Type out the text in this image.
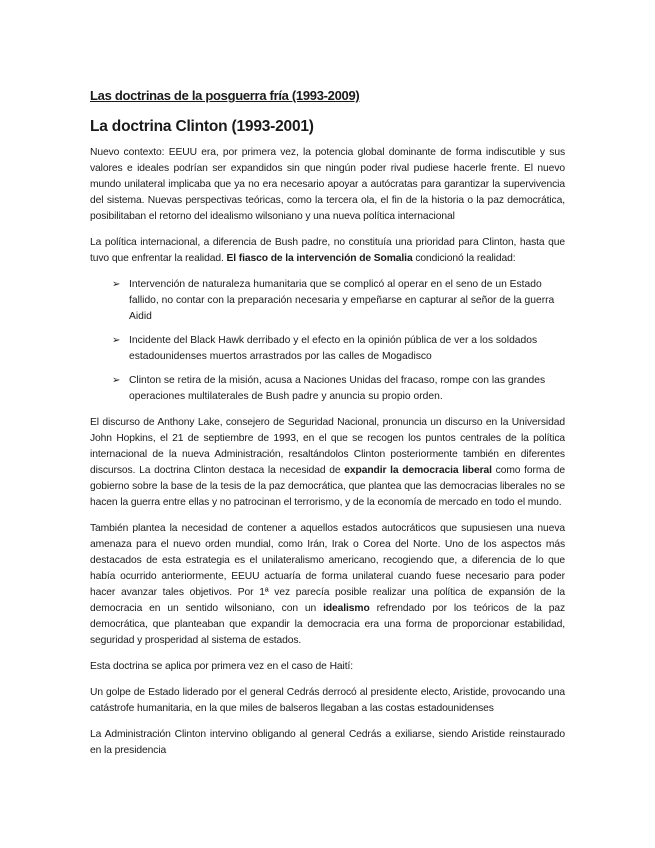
Las doctrinas de la posguerra fría (1993-2009)
La doctrina Clinton (1993-2001)

Nuevo contexto: EEUU era, por primera vez, la potencia global dominante de forma indiscutible y sus valores e ideales podrían ser expandidos sin que ningún poder rival pudiese hacerle frente. El nuevo mundo unilateral implicaba que ya no era necesario apoyar a autócratas para garantizar la supervivencia del sistema. Nuevas perspectivas teóricas, como la tercera ola, el fin de la historia o la paz democrática, posibilitaban el retorno del idealismo wilsoniano y una nueva política internacional

La política internacional, a diferencia de Bush padre, no constituía una prioridad para Clinton, hasta que tuvo que enfrentar la realidad. El fiasco de la intervención de Somalia condicionó la realidad:

➢ Intervención de naturaleza humanitaria que se complicó al operar en el seno de un Estado fallido, no contar con la preparación necesaria y empeñarse en capturar al señor de la guerra Aidid
➢ Incidente del Black Hawk derribado y el efecto en la opinión pública de ver a los soldados estadounidenses muertos arrastrados por las calles de Mogadisco
➢ Clinton se retira de la misión, acusa a Naciones Unidas del fracaso, rompe con las grandes operaciones multilaterales de Bush padre y anuncia su propio orden.

El discurso de Anthony Lake, consejero de Seguridad Nacional, pronuncia un discurso en la Universidad John Hopkins, el 21 de septiembre de 1993, en el que se recogen los puntos centrales de la política internacional de la nueva Administración, resaltándolos Clinton posteriormente también en diferentes discursos. La doctrina Clinton destaca la necesidad de expandir la democracia liberal como forma de gobierno sobre la base de la tesis de la paz democrática, que plantea que las democracias liberales no se hacen la guerra entre ellas y no patrocinan el terrorismo, y de la economía de mercado en todo el mundo.

También plantea la necesidad de contener a aquellos estados autocráticos que supusiesen una nueva amenaza para el nuevo orden mundial, como Irán, Irak o Corea del Norte. Uno de los aspectos más destacados de esta estrategia es el unilateralismo americano, recogiendo que, a diferencia de lo que había ocurrido anteriormente, EEUU actuaría de forma unilateral cuando fuese necesario para poder hacer avanzar tales objetivos. Por 1ª vez parecía posible realizar una política de expansión de la democracia en un sentido wilsoniano, con un idealismo refrendado por los teóricos de la paz democrática, que planteaban que expandir la democracia era una forma de proporcionar estabilidad, seguridad y prosperidad al sistema de estados.

Esta doctrina se aplica por primera vez en el caso de Haití:

Un golpe de Estado liderado por el general Cedrás derrocó al presidente electo, Aristide, provocando una catástrofe humanitaria, en la que miles de balseros llegaban a las costas estadounidenses

La Administración Clinton intervino obligando al general Cedrás a exiliarse, siendo Aristide reinstaurado en la presidencia
